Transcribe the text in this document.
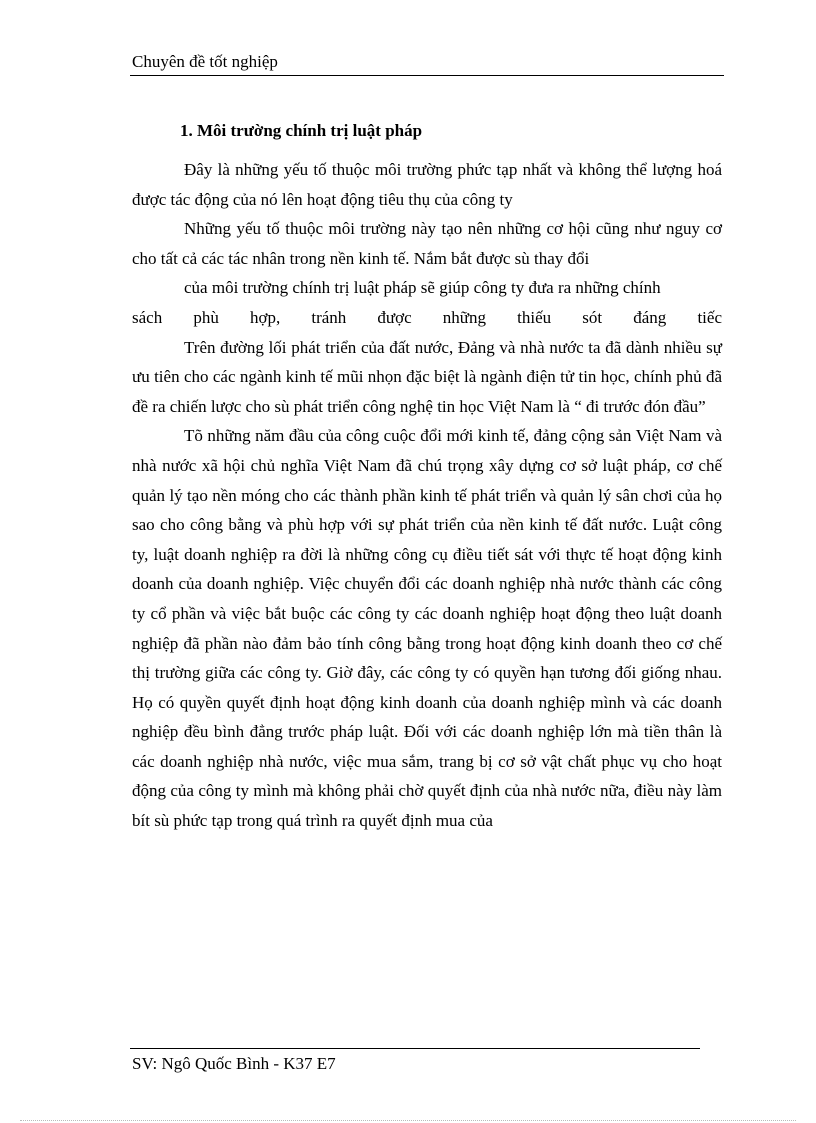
Chuyên đề tốt nghiệp
1. Môi trường chính trị luật pháp

Đây là những yếu tố thuộc môi trường phức tạp nhất và không thể lượng hoá được tác động của nó lên hoạt động tiêu thụ của công ty

Những yếu tố thuộc môi trường này tạo nên những cơ hội cũng như nguy cơ cho tất cả các tác nhân trong nền kinh tế. Nắm bắt được sù thay đổi

của môi trường chính trị luật pháp sẽ giúp công ty đưa ra những chính

sách phù hợp, tránh được những thiếu sót đáng tiếc

Trên đường lối phát triển của đất nước, Đảng và nhà nước ta đã dành nhiều sự ưu tiên cho các ngành kinh tế mũi nhọn đặc biệt là ngành điện tử tin học, chính phủ đã đề ra chiến lược cho sù phát triển công nghệ tin học Việt Nam là “ đi trước đón đầu”

Tõ những năm đầu của công cuộc đổi mới kinh tế, đảng cộng sản Việt Nam và nhà nước xã hội chủ nghĩa Việt Nam đã chú trọng xây dựng cơ sở luật pháp, cơ chế quản lý tạo nền móng cho các thành phần kinh tế phát triển và quản lý sân chơi của họ sao cho công bằng và phù hợp với sự phát triển của nền kinh tế đất nước. Luật công ty, luật doanh nghiệp ra đời là những công cụ điều tiết sát với thực tế hoạt động kinh doanh của doanh nghiệp. Việc chuyển đổi các doanh nghiệp nhà nước thành các công ty cổ phần và việc bắt buộc các công ty các doanh nghiệp hoạt động theo luật doanh nghiệp đã phần nào đảm bảo tính công bằng trong hoạt động kinh doanh theo cơ chế thị trường giữa các công ty. Giờ đây, các công ty có quyền hạn tương đối giống nhau. Họ có quyền quyết định hoạt động kinh doanh của doanh nghiệp mình và các doanh nghiệp đều bình đẳng trước pháp luật. Đối với các doanh nghiệp lớn mà tiền thân là các doanh nghiệp nhà nước, việc mua sắm, trang bị cơ sở vật chất phục vụ cho hoạt động của công ty mình mà không phải chờ quyết định của nhà nước nữa, điều này làm bít sù phức tạp trong quá trình ra quyết định mua của

SV: Ngô Quốc Bình - K37 E7
